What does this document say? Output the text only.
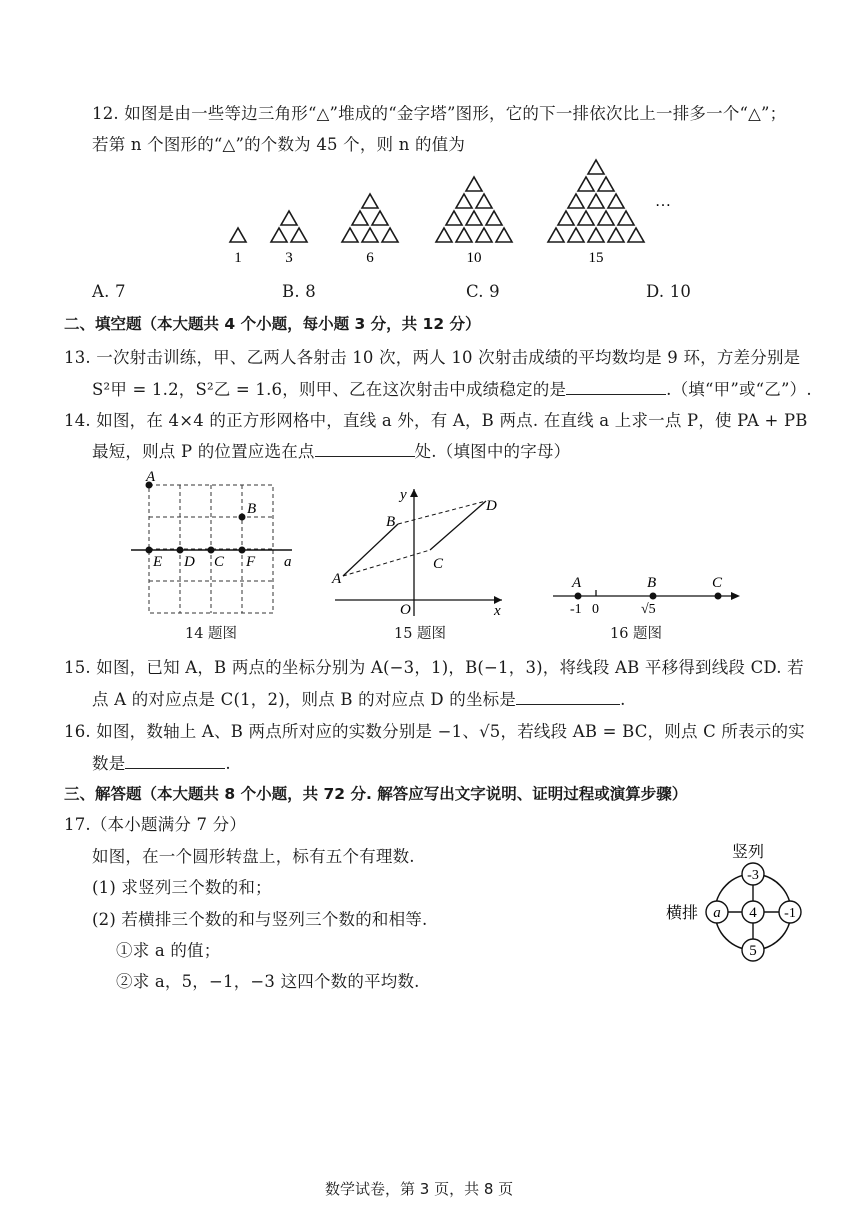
12. 如图是由一些等边三角形“△”堆成的“金字塔”图形，它的下一排依次比上一排多一个“△”；
若第 n 个图形的“△”的个数为 45 个，则 n 的值为
1	3	6	10	15
…
A. 7	B. 8	C. 9	D. 10
二、填空题（本大题共 4 个小题，每小题 3 分，共 12 分）
13. 一次射击训练，甲、乙两人各射击 10 次，两人 10 次射击成绩的平均数均是 9 环，方差分别是
S²甲 = 1.2，S²乙 = 1.6，则甲、乙在这次射击中成绩稳定的是	.（填“甲”或“乙”）.
14. 如图，在 4×4 的正方形网格中，直线 a 外，有 A，B 两点. 在直线 a 上求一点 P，使 PA + PB
最短，则点 P 的位置应选在点	处.（填图中的字母）
A
B
E D C F a
14 题图
y
B
D
A
C
O	x
15 题图
A	B	C
-1 0	√5
16 题图
15. 如图，已知 A，B 两点的坐标分别为 A(−3，1)，B(−1，3)，将线段 AB 平移得到线段 CD. 若
点 A 的对应点是 C(1，2)，则点 B 的对应点 D 的坐标是	.
16. 如图，数轴上 A、B 两点所对应的实数分别是 −1、√5，若线段 AB = BC，则点 C 所表示的实
数是	.
三、解答题（本大题共 8 个小题，共 72 分. 解答应写出文字说明、证明过程或演算步骤）
17.（本小题满分 7 分）
如图，在一个圆形转盘上，标有五个有理数.
(1) 求竖列三个数的和；
(2) 若横排三个数的和与竖列三个数的和相等.
①求 a 的值；
②求 a，5，−1，−3 这四个数的平均数.
竖列
-3
a 4 -1
5
横排
数学试卷，第 3 页，共 8 页
